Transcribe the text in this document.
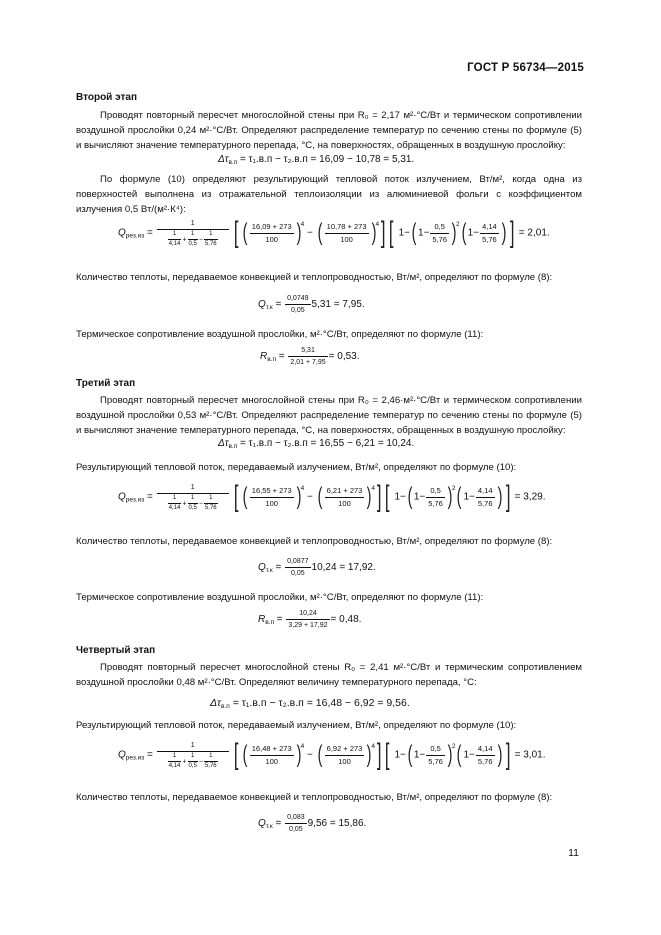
ГОСТ Р 56734—2015
Второй этап
Проводят повторный пересчет многослойной стены при R₀ = 2,17 м²·°С/Вт и термическом сопротивлении воздушной прослойки 0,24 м²·°С/Вт. Определяют распределение температур по сечению стены по формуле (5) и вычисляют значение температурного перепада, °С, на поверхностях, обращенных в воздушную прослойку:
$\Delta\tau_{в.п} = \tau_1.в.п - \tau_2.в.п = 16,09 - 10,78 = 5,31$.
По формуле (10) определяют результирующий тепловой поток излучением, Вт/м², когда одна из поверхностей выполнена из отражательной теплоизоляции из алюминиевой фольги с коэффициентом излучения 0,5 Вт/(м²·К⁴):
$Q_{рез.из} = \frac{1}{\frac{1}{4,14} + \frac{1}{0,5} - \frac{1}{5,76}}$ [ ( $\frac{16,09 + 273}{100} )^4$ − ( $\frac{10,78 + 273}{100} )^4$] [ 1−( $1- \frac{0,5}{5,76} )^2$( $1- \frac{4,14}{5,76}$ ) ] = 2,01.
Количество теплоты, передаваемое конвекцией и теплопроводностью, Вт/м², определяют по формуле (8):
$Q_{т.к} = \frac{0,0749}{0,05} 5,31 = 7,95$.
Термическое сопротивление воздушной прослойки, м²·°С/Вт, определяют по формуле (11):
$R_{в.п} = \frac{5,31}{2,01 + 7,95} = 0,53$.
Третий этап
Проводят повторный пересчет многослойной стены при R₀ = 2,46·м²·°С/Вт и термическом сопротивлении воздушной прослойки 0,53 м²·°С/Вт. Определяют распределение температур по сечению стены по формуле (5) и вычисляют значение температурного перепада, °С, на поверхностях, обращенных в воздушную прослойку:
$\Delta\tau_{в.п} = \tau_1.в.п - \tau_2.в.п = 16,55 - 6,21 = 10,24$.
Результирующий тепловой поток, передаваемый излучением, Вт/м², определяют по формуле (10):
$Q_{рез.из} = \frac{1}{\frac{1}{4,14} + \frac{1}{0,5} - \frac{1}{5,76}}$ [ ( $\frac{16,55 + 273}{100} )^4$ − ( $\frac{6,21 + 273}{100} )^4$] [ 1−( $1- \frac{0,5}{5,76} )^2$( $1- \frac{4,14}{5,76}$ ) ] = 3,29.
Количество теплоты, передаваемое конвекцией и теплопроводностью, Вт/м², определяют по формуле (8):
$Q_{т.к} = \frac{0,0877}{0,05} 10,24 = 17,92$.
Термическое сопротивление воздушной прослойки, м²·°С/Вт, определяют по формуле (11):
$R_{в.п} = \frac{10,24}{3,29 + 17,92} = 0,48$.
Четвертый этап
Проводят повторный пересчет многослойной стены R₀ = 2,41 м²·°С/Вт и термическим сопротивлением воздушной прослойки 0,48 м²·°С/Вт. Определяют величину температурного перепада, °С:
$\Delta\tau_{в.п} = \tau_1.в.п - \tau_2.в.п = 16,48 - 6,92 = 9,56$.
Результирующий тепловой поток, передаваемый излучением, Вт/м², определяют по формуле (10):
$Q_{рез.из} = \frac{1}{\frac{1}{4,14} + \frac{1}{0,5} - \frac{1}{5,76}}$ [ ( $\frac{16,48 + 273}{100} )^4$ − ( $\frac{6,92 + 273}{100} )^4$] [ 1−( $1- \frac{0,5}{5,76} )^2$( $1- \frac{4,14}{5,76}$ ) ] = 3,01.
Количество теплоты, передаваемое конвекцией и теплопроводностью, Вт/м², определяют по формуле (8):
$Q_{т.к} = \frac{0,083}{0,05} 9,56 = 15,86$.
11
